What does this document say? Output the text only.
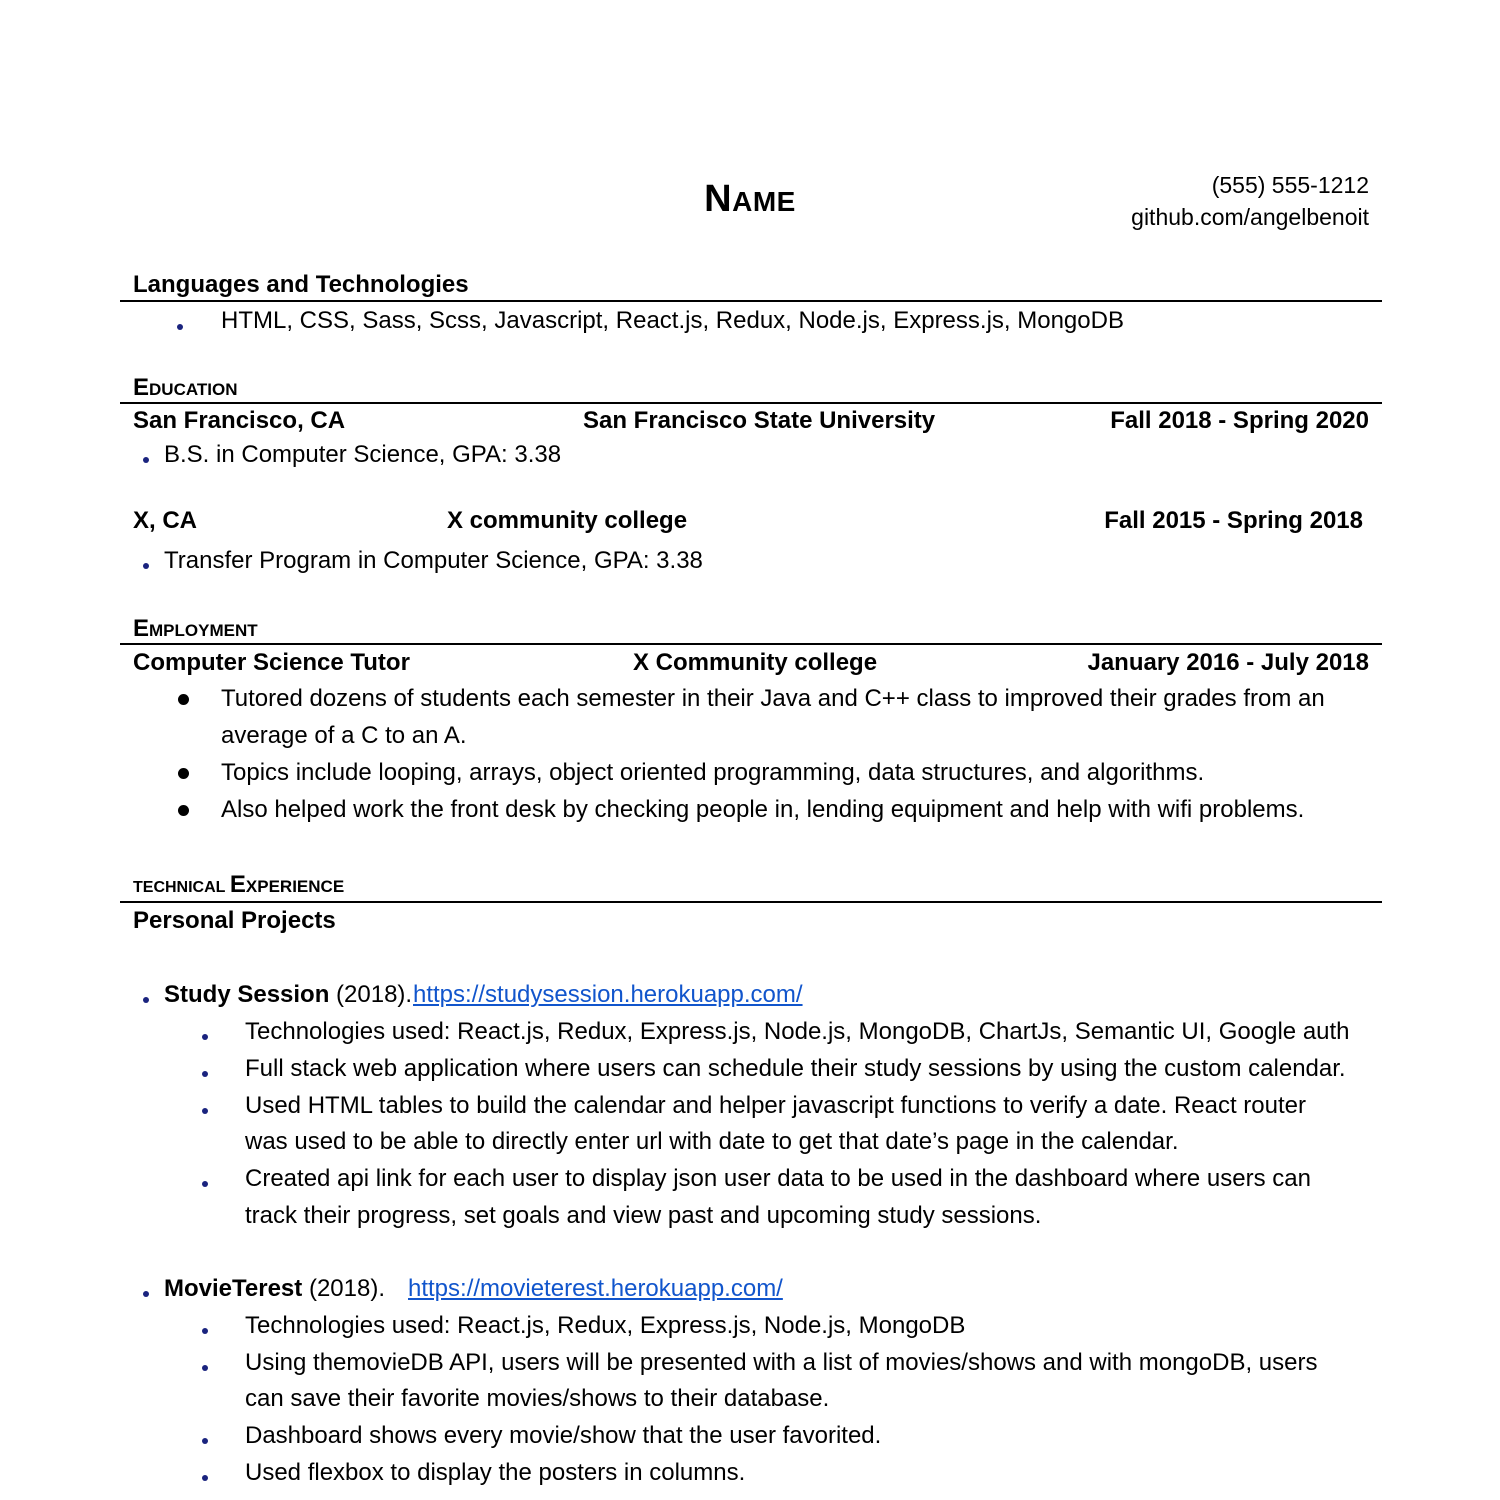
NAME
(555) 555-1212
github.com/angelbenoit
Languages and Technologies
HTML, CSS, Sass, Scss, Javascript, React.js, Redux, Node.js, Express.js, MongoDB
EDUCATION
San Francisco, CA	San Francisco State University	Fall 2018 - Spring 2020
B.S. in Computer Science, GPA: 3.38
X, CA	X community college	Fall 2015 - Spring 2018
Transfer Program in Computer Science, GPA: 3.38
EMPLOYMENT
Computer Science Tutor	X Community college	January 2016 - July 2018
Tutored dozens of students each semester in their Java and C++ class to improved their grades from an
average of a C to an A.
Topics include looping, arrays, object oriented programming, data structures, and algorithms.
Also helped work the front desk by checking people in, lending equipment and help with wifi problems.
TECHNICAL EXPERIENCE
Personal Projects
Study Session (2018). https://studysession.herokuapp.com/
Technologies used: React.js, Redux, Express.js, Node.js, MongoDB, ChartJs, Semantic UI, Google auth
Full stack web application where users can schedule their study sessions by using the custom calendar.
Used HTML tables to build the calendar and helper javascript functions to verify a date. React router
was used to be able to directly enter url with date to get that date’s page in the calendar.
Created api link for each user to display json user data to be used in the dashboard where users can
track their progress, set goals and view past and upcoming study sessions.
MovieTerest (2018). https://movieterest.herokuapp.com/
Technologies used: React.js, Redux, Express.js, Node.js, MongoDB
Using themovieDB API, users will be presented with a list of movies/shows and with mongoDB, users
can save their favorite movies/shows to their database.
Dashboard shows every movie/show that the user favorited.
Used flexbox to display the posters in columns.
